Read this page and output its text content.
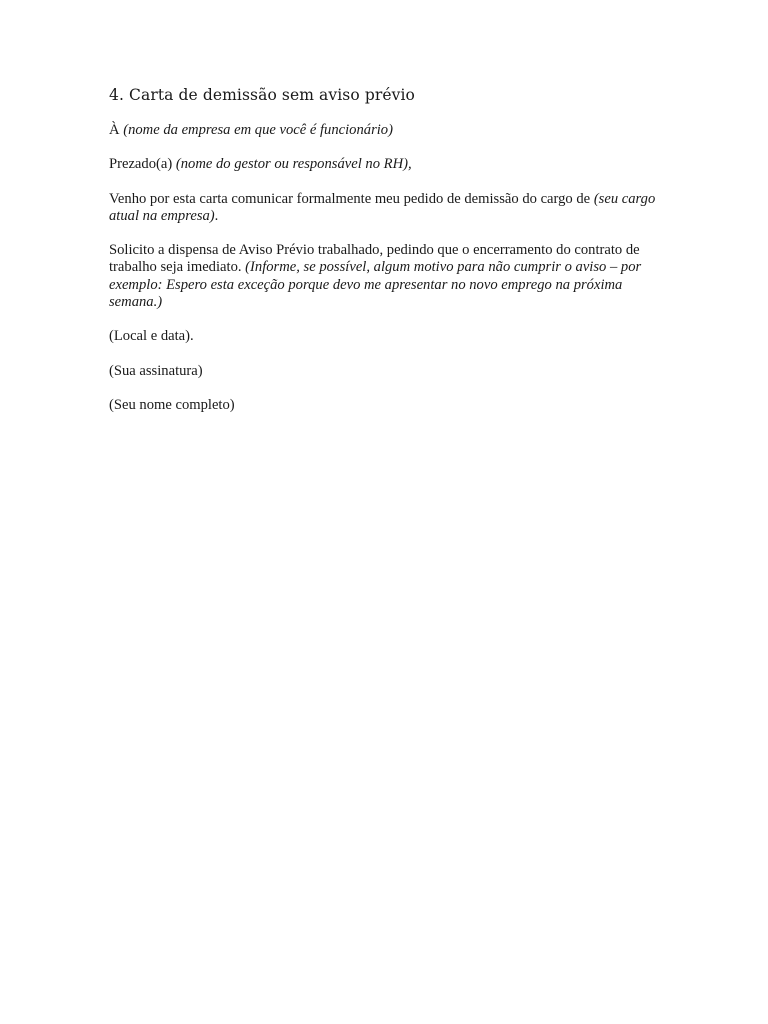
4. Carta de demissão sem aviso prévio

À (nome da empresa em que você é funcionário)

Prezado(a) (nome do gestor ou responsável no RH),

Venho por esta carta comunicar formalmente meu pedido de demissão do cargo de (seu cargo atual na empresa).

Solicito a dispensa de Aviso Prévio trabalhado, pedindo que o encerramento do contrato de trabalho seja imediato. (Informe, se possível, algum motivo para não cumprir o aviso – por exemplo: Espero esta exceção porque devo me apresentar no novo emprego na próxima semana.)

(Local e data).

(Sua assinatura)

(Seu nome completo)
